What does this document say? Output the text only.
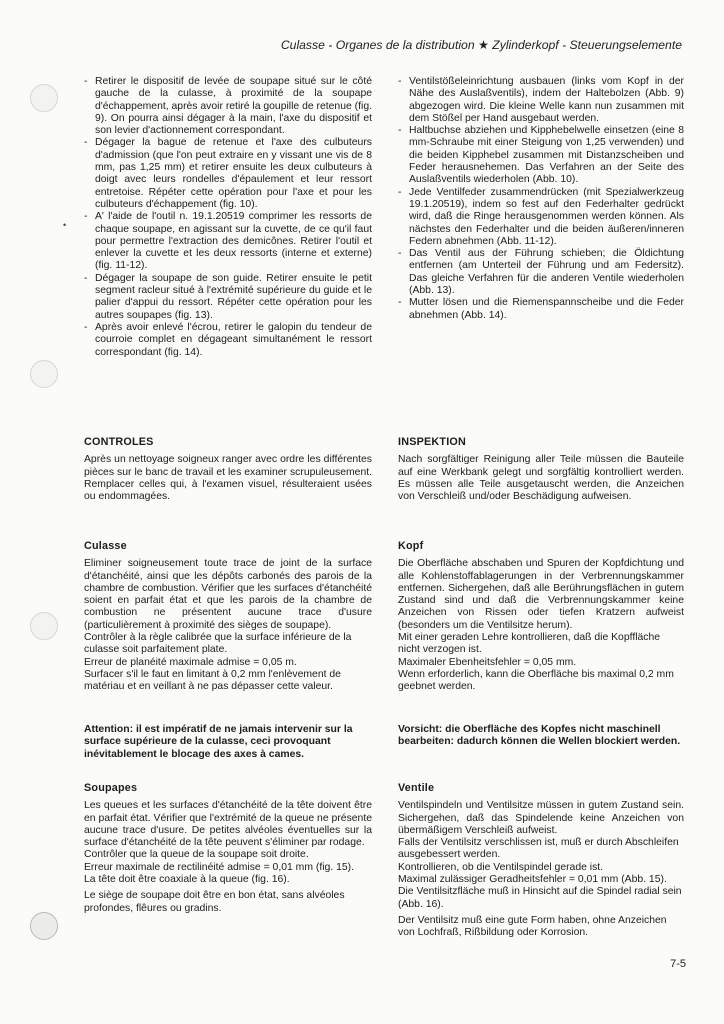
Culasse - Organes de la distribution ★ Zylinderkopf - Steuerungselemente
•
- Retirer le dispositif de levée de soupape situé sur le côté gauche de la culasse, à proximité de la soupape d'échappement, après avoir retiré la goupille de retenue (fig. 9). On pourra ainsi dégager à la main, l'axe du dispositif et son levier d'actionnement correspondant.
- Dégager la bague de retenue et l'axe des culbuteurs d'admission (que l'on peut extraire en y vissant une vis de 8 mm, pas 1,25 mm) et retirer ensuite les deux culbuteurs à doigt avec leurs rondelles d'épaulement et leur ressort entretoise. Répéter cette opération pour l'axe et pour les culbuteurs d'échappement (fig. 10).
- A' l'aide de l'outil n. 19.1.20519 comprimer les ressorts de chaque soupape, en agissant sur la cuvette, de ce qu'il faut pour permettre l'extraction des demicônes. Retirer l'outil et enlever la cuvette et les deux ressorts (interne et externe) (fig. 11-12).
- Dégager la soupape de son guide. Retirer ensuite le petit segment racleur situé à l'extrémité supérieure du guide et le palier d'appui du ressort. Répéter cette opération pour les autres soupapes (fig. 13).
- Après avoir enlevé l'écrou, retirer le galopin du tendeur de courroie complet en dégageant simultanément le ressort correspondant (fig. 14).
CONTROLES

Après un nettoyage soigneux ranger avec ordre les différentes pièces sur le banc de travail et les examiner scrupuleusement. Remplacer celles qui, à l'examen visuel, résulteraient usées ou endommagées.

Culasse

Eliminer soigneusement toute trace de joint de la surface d'étanchéité, ainsi que les dépôts carbonés des parois de la chambre de combustion. Vérifier que les surfaces d'étanchéité soient en parfait état et que les parois de la chambre de combustion ne présentent aucune trace d'usure (particulièrement à proximité des sièges de soupape).

Contrôler à la règle calibrée que la surface inférieure de la culasse soit parfaitement plate.

Erreur de planéité maximale admise = 0,05 m.

Surfacer s'il le faut en limitant à 0,2 mm l'enlèvement de matériau et en veillant à ne pas dépasser cette valeur.

Attention: il est impératif de ne jamais intervenir sur la surface supérieure de la culasse, ceci provoquant inévitablement le blocage des axes à cames.

Soupapes

Les queues et les surfaces d'étanchéité de la tête doivent être en parfait état. Vérifier que l'extrémité de la queue ne présente aucune trace d'usure. De petites alvéoles éventuelles sur la surface d'étanchéité de la tête peuvent s'éliminer par rodage.

Contrôler que la queue de la soupape soit droite.

Erreur maximale de rectilinéité admise = 0,01 mm (fig. 15).

La tête doit être coaxiale à la queue (fig. 16).

Le siège de soupape doit être en bon état, sans alvéoles profondes, flêures ou gradins.

- Ventilstößeleinrichtung ausbauen (links vom Kopf in der Nähe des Auslaßventils), indem der Haltebolzen (Abb. 9) abgezogen wird. Die kleine Welle kann nun zusammen mit dem Stößel per Hand ausgebaut werden.
- Haltbuchse abziehen und Kipphebelwelle einsetzen (eine 8 mm-Schraube mit einer Steigung von 1,25 verwenden) und die beiden Kipphebel zusammen mit Distanzscheiben und Feder herausnehemen. Das Verfahren an der Seite des Auslaßventils wiederholen (Abb. 10).
- Jede Ventilfeder zusammendrücken (mit Spezialwerkzeug 19.1.20519), indem so fest auf den Federhalter gedrückt wird, daß die Ringe herausgenommen werden können. Als nächstes den Federhalter und die beiden äußeren/inneren Federn abnehmen (Abb. 11-12).
- Das Ventil aus der Führung schieben; die Öldichtung entfernen (am Unterteil der Führung und am Federsitz). Das gleiche Verfahren für die anderen Ventile wiederholen (Abb. 13).
- Mutter lösen und die Riemenspannscheibe und die Feder abnehmen (Abb. 14).
INSPEKTION

Nach sorgfältiger Reinigung aller Teile müssen die Bauteile auf eine Werkbank gelegt und sorgfältig kontrolliert werden. Es müssen alle Teile ausgetauscht werden, die Anzeichen von Verschleiß und/oder Beschädigung aufweisen.

Kopf

Die Oberfläche abschaben und Spuren der Kopfdichtung und alle Kohlenstoffablagerungen in der Verbrennungskammer entfernen. Sichergehen, daß alle Berührungsflächen in gutem Zustand sind und daß die Verbrennungskammer keine Anzeichen von Rissen oder tiefen Kratzern aufweist (besonders um die Ventilsitze herum).

Mit einer geraden Lehre kontrollieren, daß die Kopffläche nicht verzogen ist.

Maximaler Ebenheitsfehler = 0,05 mm.

Wenn erforderlich, kann die Oberfläche bis maximal 0,2 mm geebnet werden.

Vorsicht: die Oberfläche des Kopfes nicht maschinell bearbeiten: dadurch können die Wellen blockiert werden.

Ventile

Ventilspindeln und Ventilsitze müssen in gutem Zustand sein. Sichergehen, daß das Spindelende keine Anzeichen von übermäßigem Verschleiß aufweist.

Falls der Ventilsitz verschlissen ist, muß er durch Abschleifen ausgebessert werden.

Kontrollieren, ob die Ventilspindel gerade ist.

Maximal zulässiger Geradheitsfehler = 0,01 mm (Abb. 15).

Die Ventilsitzfläche muß in Hinsicht auf die Spindel radial sein (Abb. 16).

Der Ventilsitz muß eine gute Form haben, ohne Anzeichen von Lochfraß, Rißbildung oder Korrosion.

7-5
